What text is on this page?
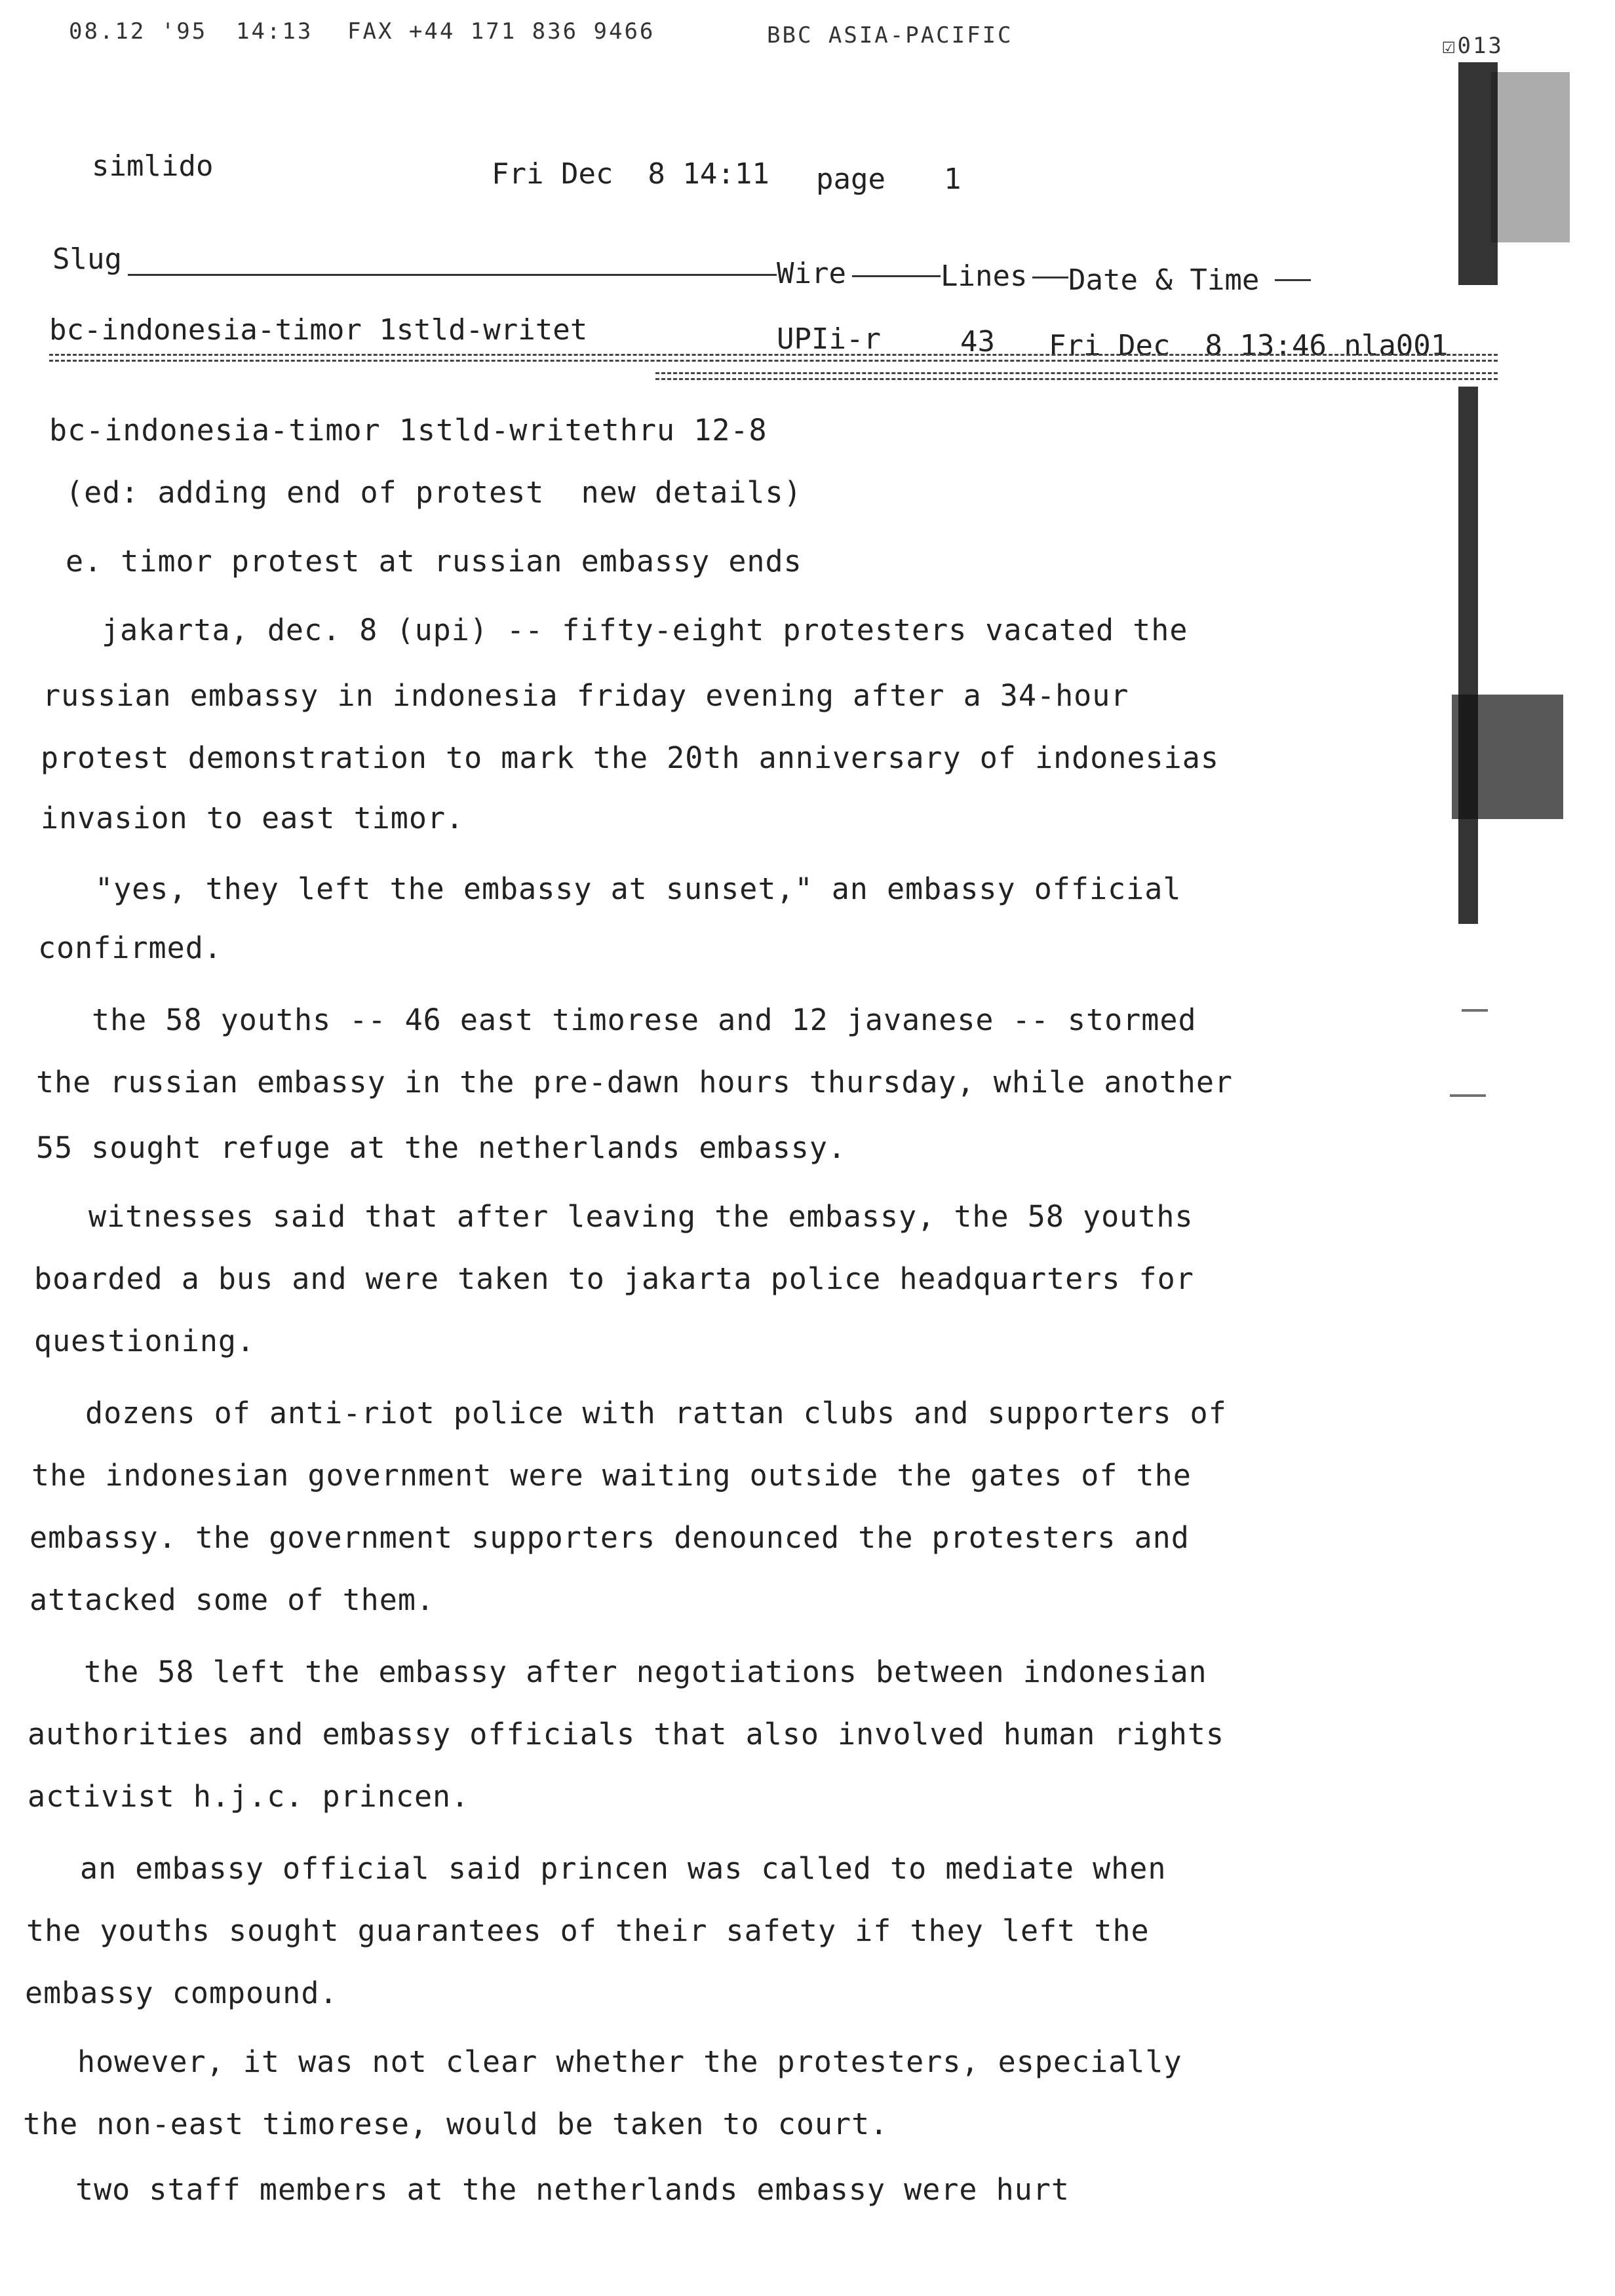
08.12 '95 14:13 FAX +44 171 836 9466	BBC ASIA-PACIFIC	☑013
simlido	Fri Dec  8 14:11 page 1
Slug	Wire	Lines Date & Time
bc-indonesia-timor 1stld-writet	UPIi-r	43 Fri Dec  8 13:46 nla001
bc-indonesia-timor 1stld-writethru 12-8
(ed: adding end of protest  new details)
e. timor protest at russian embassy ends
jakarta, dec. 8 (upi) -- fifty-eight protesters vacated the
russian embassy in indonesia friday evening after a 34-hour
protest demonstration to mark the 20th anniversary of indonesias
invasion to east timor.
"yes, they left the embassy at sunset," an embassy official
confirmed.
the 58 youths -- 46 east timorese and 12 javanese -- stormed
the russian embassy in the pre-dawn hours thursday, while another
55 sought refuge at the netherlands embassy.
witnesses said that after leaving the embassy, the 58 youths
boarded a bus and were taken to jakarta police headquarters for
questioning.
dozens of anti-riot police with rattan clubs and supporters of
the indonesian government were waiting outside the gates of the
embassy. the government supporters denounced the protesters and
attacked some of them.
the 58 left the embassy after negotiations between indonesian
authorities and embassy officials that also involved human rights
activist h.j.c. princen.
an embassy official said princen was called to mediate when
the youths sought guarantees of their safety if they left the
embassy compound.
however, it was not clear whether the protesters, especially
the non-east timorese, would be taken to court.
two staff members at the netherlands embassy were hurt
